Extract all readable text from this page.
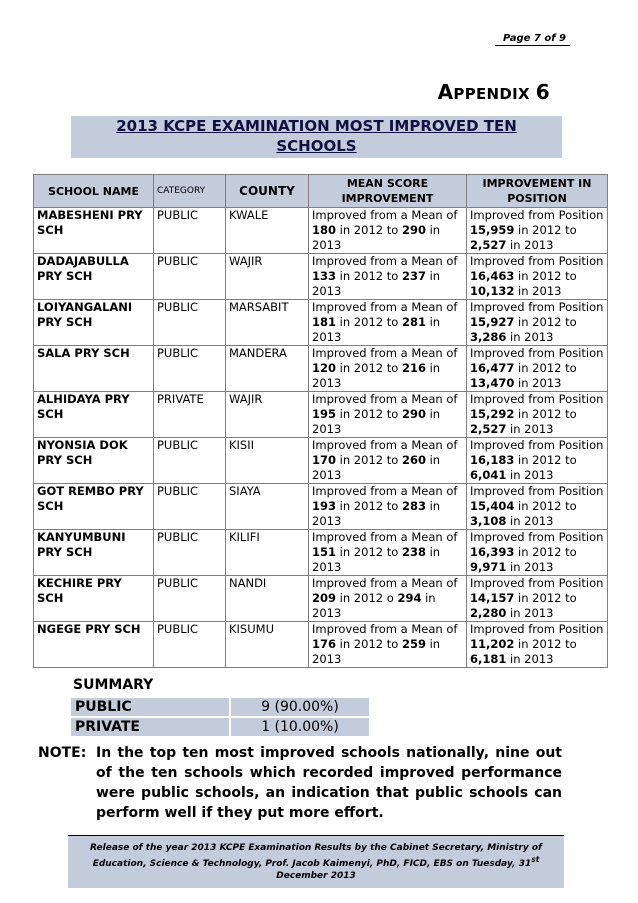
Page 7 of 9
APPENDIX 6
2013 KCPE EXAMINATION MOST IMPROVED TEN
SCHOOLS
SCHOOL NAME	CATEGORY	COUNTY	MEAN SCORE IMPROVEMENT	IMPROVEMENT IN POSITION
MABESHENI PRY SCH	PUBLIC	KWALE	Improved from a Mean of 180 in 2012 to 290 in 2013	Improved from Position 15,959 in 2012 to 2,527 in 2013
DADAJABULLA PRY SCH	PUBLIC	WAJIR	Improved from a Mean of 133 in 2012 to 237 in 2013	Improved from Position 16,463 in 2012 to 10,132 in 2013
LOIYANGALANI PRY SCH	PUBLIC	MARSABIT	Improved from a Mean of 181 in 2012 to 281 in 2013	Improved from Position 15,927 in 2012 to 3,286 in 2013
SALA PRY SCH	PUBLIC	MANDERA	Improved from a Mean of 120 in 2012 to 216 in 2013	Improved from Position 16,477 in 2012 to 13,470 in 2013
ALHIDAYA PRY SCH	PRIVATE	WAJIR	Improved from a Mean of 195 in 2012 to 290 in 2013	Improved from Position 15,292 in 2012 to 2,527 in 2013
NYONSIA DOK PRY SCH	PUBLIC	KISII	Improved from a Mean of 170 in 2012 to 260 in 2013	Improved from Position 16,183 in 2012 to 6,041 in 2013
GOT REMBO PRY SCH	PUBLIC	SIAYA	Improved from a Mean of 193 in 2012 to 283 in 2013	Improved from Position 15,404 in 2012 to 3,108 in 2013
KANYUMBUNI PRY SCH	PUBLIC	KILIFI	Improved from a Mean of 151 in 2012 to 238 in 2013	Improved from Position 16,393 in 2012 to 9,971 in 2013
KECHIRE PRY SCH	PUBLIC	NANDI	Improved from a Mean of 209 in 2012 o 294 in 2013	Improved from Position 14,157 in 2012 to 2,280 in 2013
NGEGE PRY SCH	PUBLIC	KISUMU	Improved from a Mean of 176 in 2012 to 259 in 2013	Improved from Position 11,202 in 2012 to 6,181 in 2013
SUMMARY
PUBLIC	9 (90.00%)
PRIVATE	1 (10.00%)
NOTE: In the top ten most improved schools nationally, nine out of the ten schools which recorded improved performance were public schools, an indication that public schools can perform well if they put more effort.
Release of the year 2013 KCPE Examination Results by the Cabinet Secretary, Ministry of Education, Science & Technology, Prof. Jacob Kaimenyi, PhD, FICD, EBS on Tuesday, 31st December 2013
